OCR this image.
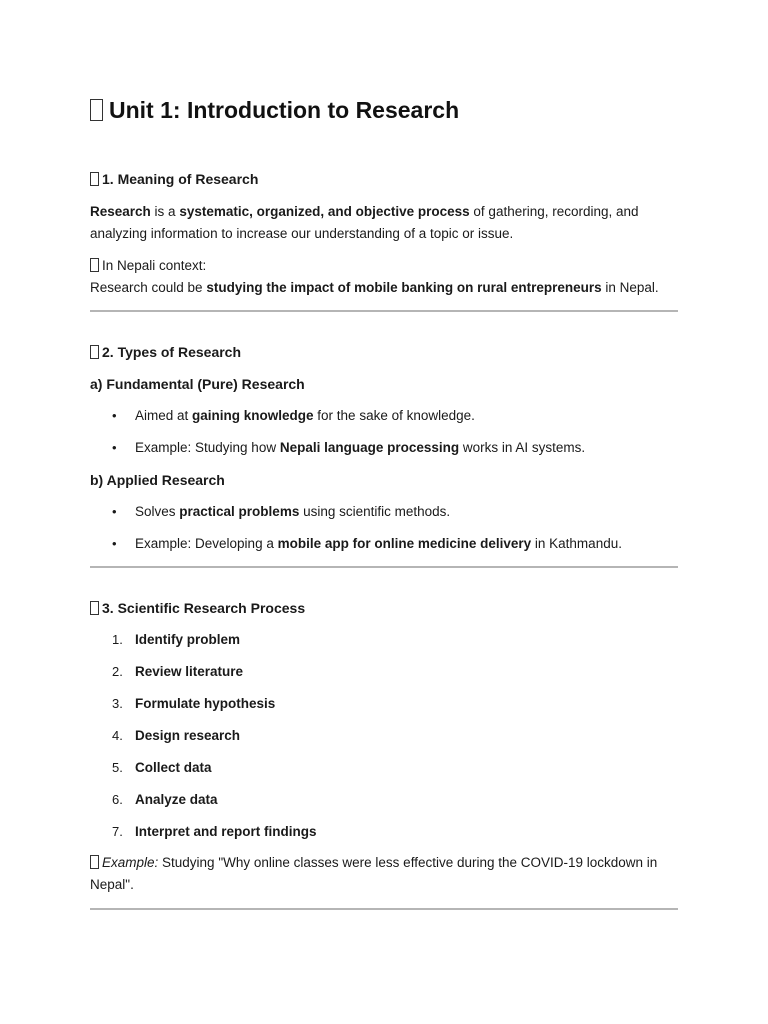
Unit 1: Introduction to Research
1. Meaning of Research

Research is a systematic, organized, and objective process of gathering, recording, and analyzing information to increase our understanding of a topic or issue.

In Nepali context:

Research could be studying the impact of mobile banking on rural entrepreneurs in Nepal.

2. Types of Research
a) Fundamental (Pure) Research
• Aimed at gaining knowledge for the sake of knowledge.
• Example: Studying how Nepali language processing works in AI systems.
b) Applied Research
• Solves practical problems using scientific methods.
• Example: Developing a mobile app for online medicine delivery in Kathmandu.
3. Scientific Research Process
1. Identify problem
2. Review literature
3. Formulate hypothesis
4. Design research
5. Collect data
6. Analyze data
7. Interpret and report findings

Example: Studying "Why online classes were less effective during the COVID-19 lockdown in Nepal".
